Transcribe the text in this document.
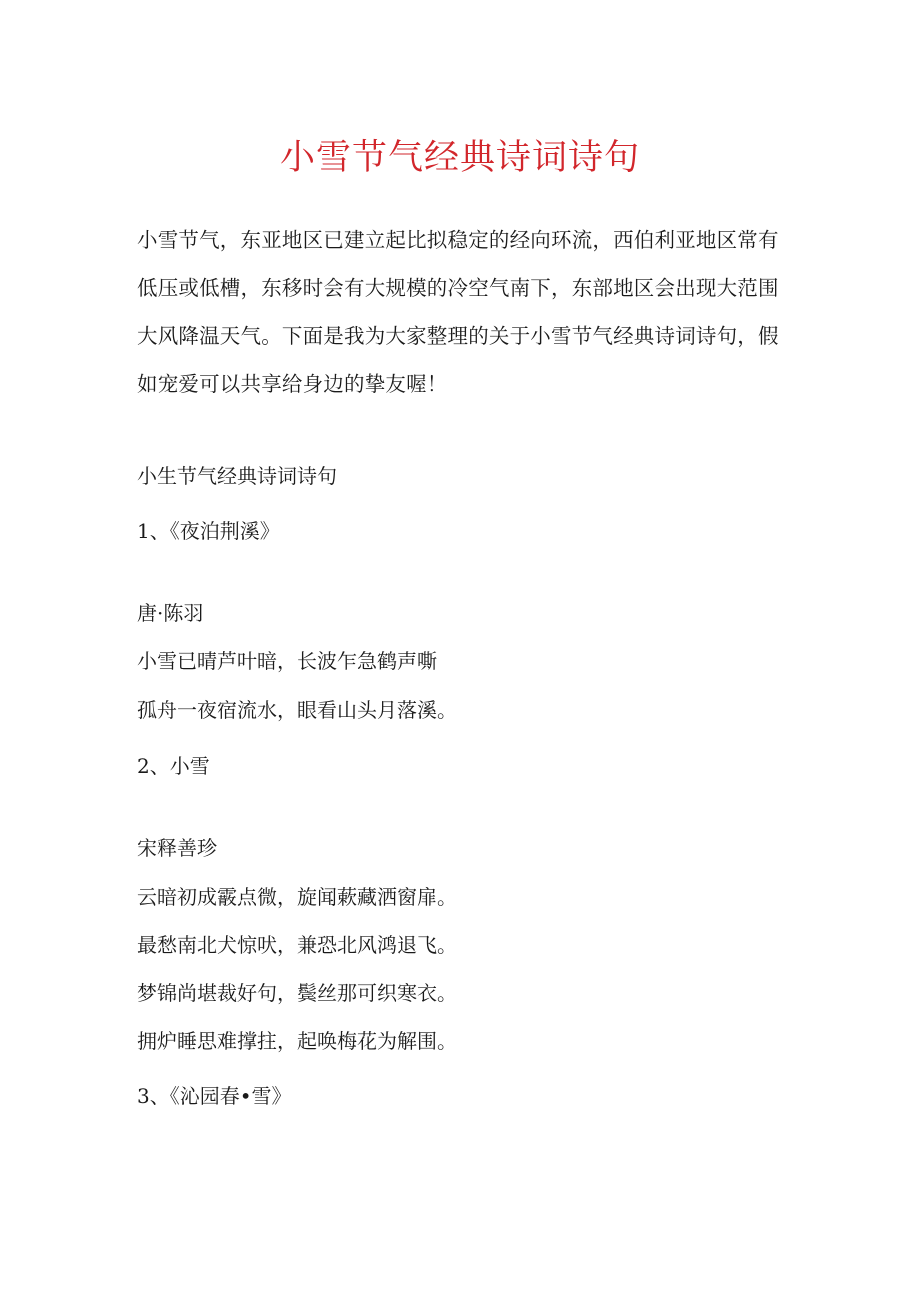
小雪节气经典诗词诗句

小雪节气，东亚地区已建立起比拟稳定的经向环流，西伯利亚地区常有低压或低槽，东移时会有大规模的冷空气南下，东部地区会出现大范围大风降温天气。下面是我为大家整理的关于小雪节气经典诗词诗句，假如宠爱可以共享给身边的挚友喔！

小生节气经典诗词诗句

1、《夜泊荆溪》

唐·陈羽

小雪已晴芦叶暗，长波乍急鹤声嘶

孤舟一夜宿流水，眼看山头月落溪。

2、小雪

宋释善珍

云暗初成霰点微，旋闻蔌藏洒窗扉。

最愁南北犬惊吠，兼恐北风鸿退飞。

梦锦尚堪裁好句，鬓丝那可织寒衣。

拥炉睡思难撑拄，起唤梅花为解围。

3、《沁园春•雪》
